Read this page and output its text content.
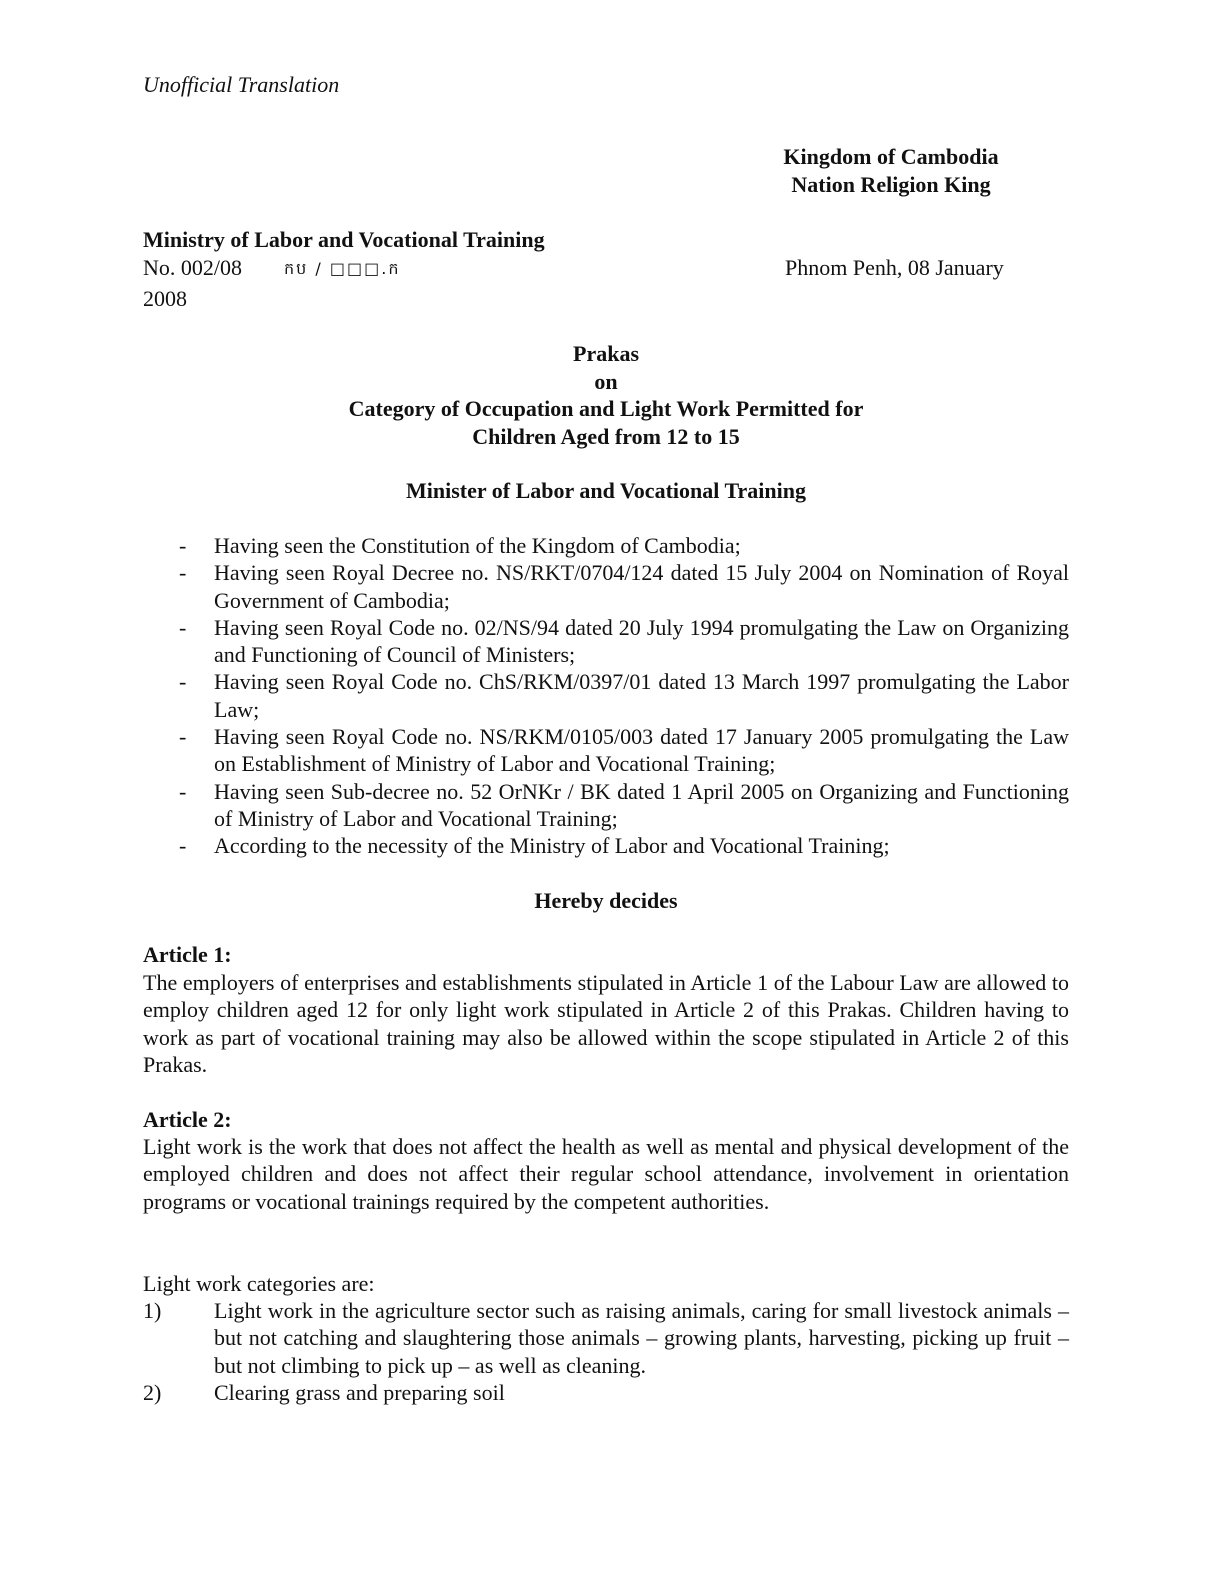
Unofficial Translation
Kingdom of Cambodia
Nation Religion King
Ministry of Labor and Vocational Training
No. 002/08	កប / □□□.ក	Phnom Penh, 08 January
2008
Prakas
on
Category of Occupation and Light Work Permitted for
Children Aged from 12 to 15
Minister of Labor and Vocational Training
- Having seen the Constitution of the Kingdom of Cambodia;
- Having seen Royal Decree no. NS/RKT/0704/124 dated 15 July 2004 on Nomination of Royal Government of Cambodia;
- Having seen Royal Code no. 02/NS/94 dated 20 July 1994 promulgating the Law on Organizing and Functioning of Council of Ministers;
- Having seen Royal Code no. ChS/RKM/0397/01 dated 13 March 1997 promulgating the Labor Law;
- Having seen Royal Code no. NS/RKM/0105/003 dated 17 January 2005 promulgating the Law on Establishment of Ministry of Labor and Vocational Training;
- Having seen Sub-decree no. 52 OrNKr / BK dated 1 April 2005 on Organizing and Functioning of Ministry of Labor and Vocational Training;
- According to the necessity of the Ministry of Labor and Vocational Training;
Hereby decides
Article 1:

The employers of enterprises and establishments stipulated in Article 1 of the Labour Law are allowed to employ children aged 12 for only light work stipulated in Article 2 of this Prakas. Children having to work as part of vocational training may also be allowed within the scope stipulated in Article 2 of this Prakas.

Article 2:

Light work is the work that does not affect the health as well as mental and physical development of the employed children and does not affect their regular school attendance, involvement in orientation programs or vocational trainings required by the competent authorities.

Light work categories are:
1) Light work in the agriculture sector such as raising animals, caring for small livestock animals – but not catching and slaughtering those animals – growing plants, harvesting, picking up fruit – but not climbing to pick up – as well as cleaning.
2) Clearing grass and preparing soil
